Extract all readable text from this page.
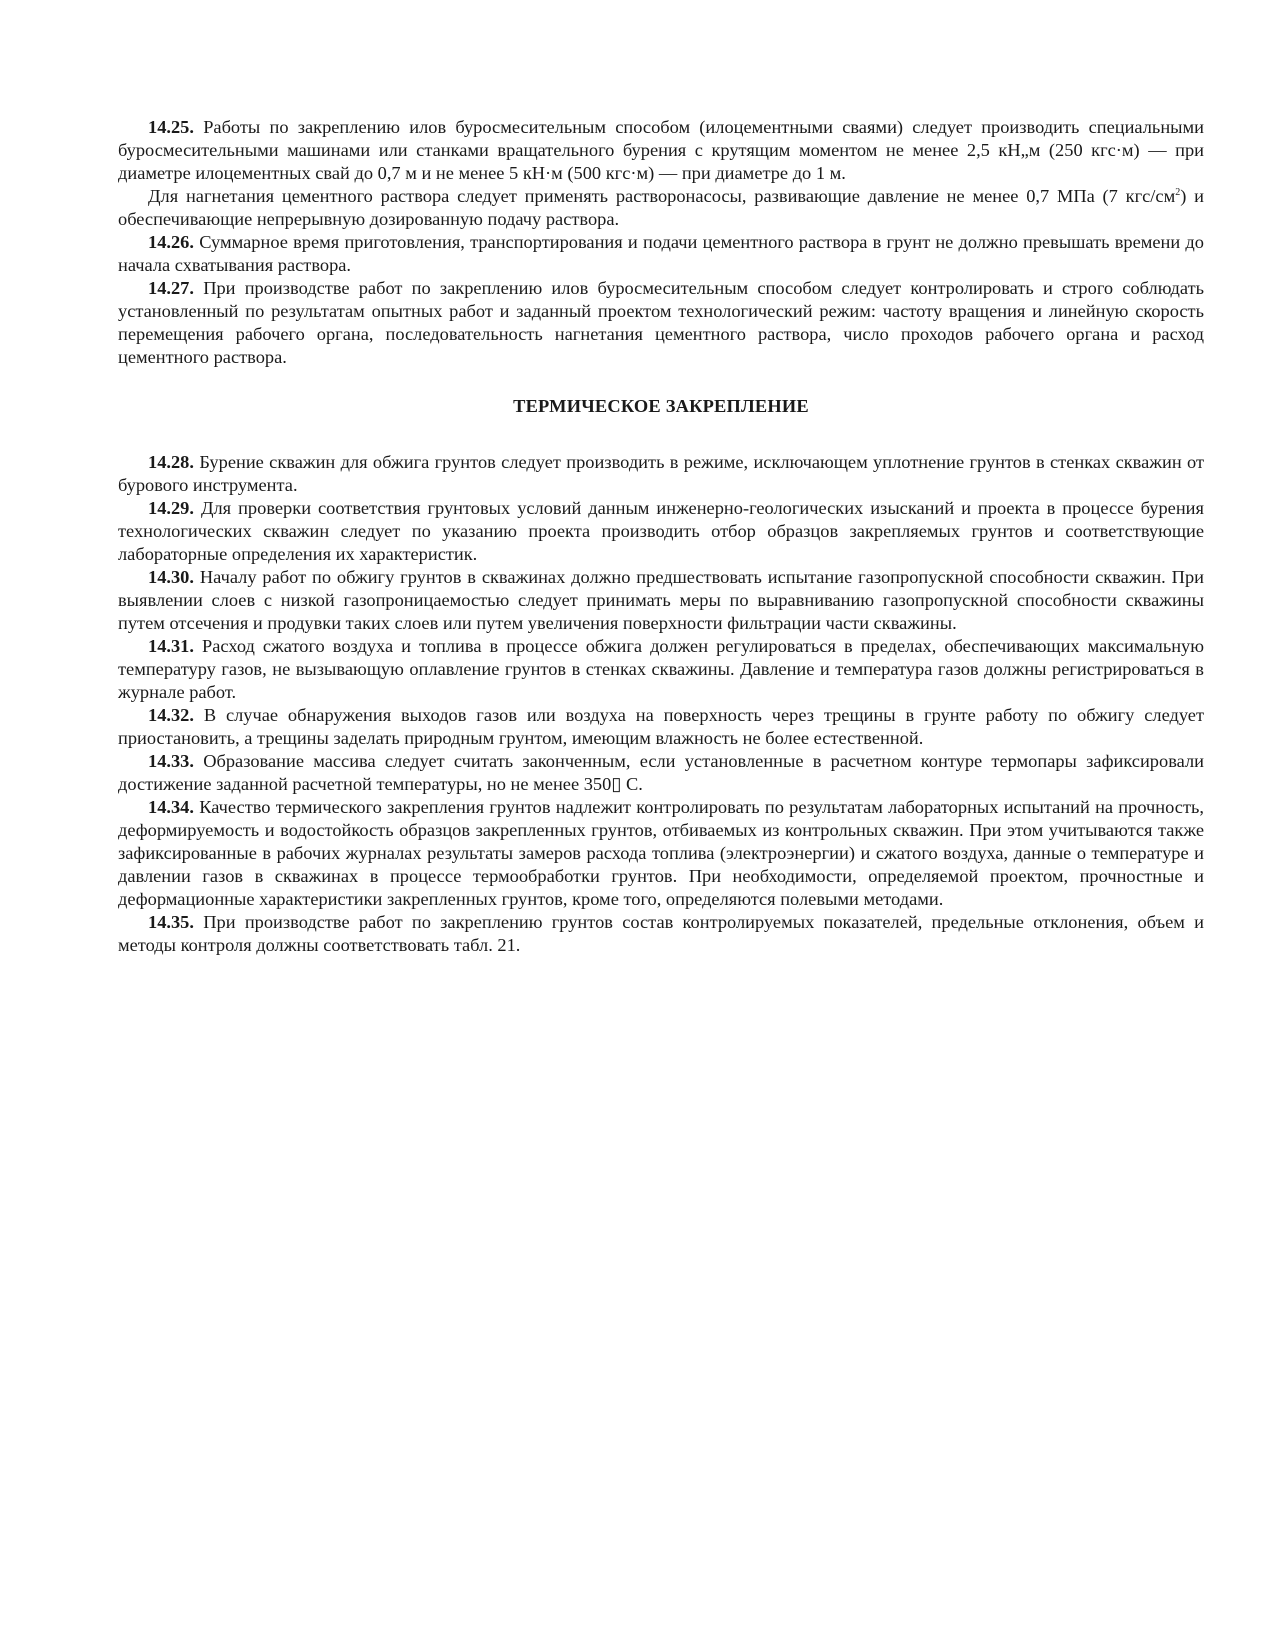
14.25. Работы по закреплению илов буросмесительным способом (илоцементными сваями) следует производить специальными буросмесительными машинами или станками вращательного бурения с крутящим моментом не менее 2,5 кН„м (250 кгс·м) — при диаметре илоцементных свай до 0,7 м и не менее 5 кН·м (500 кгс·м) — при диаметре до 1 м.

Для нагнетания цементного раствора следует применять растворонасосы, развивающие давление не менее 0,7 МПа (7 кгс/$см^2$) и обеспечивающие непрерывную дозированную подачу раствора.

14.26. Суммарное время приготовления, транспортирования и подачи цементного раствора в грунт не должно превышать времени до начала схватывания раствора.

14.27. При производстве работ по закреплению илов буросмесительным способом следует контролировать и строго соблюдать установленный по результатам опытных работ и заданный проектом технологический режим: частоту вращения и линейную скорость перемещения рабочего органа, последовательность нагнетания цементного раствора, число проходов рабочего органа и расход цементного раствора.

ТЕРМИЧЕСКОЕ ЗАКРЕПЛЕНИЕ

14.28. Бурение скважин для обжига грунтов следует производить в режиме, исключающем уплотнение грунтов в стенках скважин от бурового инструмента.

14.29. Для проверки соответствия грунтовых условий данным инженерно-геологических изысканий и проекта в процессе бурения технологических скважин следует по указанию проекта производить отбор образцов закрепляемых грунтов и соответствующие лабораторные определения их характеристик.

14.30. Началу работ по обжигу грунтов в скважинах должно предшествовать испытание газопропускной способности скважин. При выявлении слоев с низкой газопроницаемостью следует принимать меры по выравниванию газопропускной способности скважины путем отсечения и продувки таких слоев или путем увеличения поверхности фильтрации части скважины.

14.31. Расход сжатого воздуха и топлива в процессе обжига должен регулироваться в пределах, обеспечивающих максимальную температуру газов, не вызывающую оплавление грунтов в стенках скважины. Давление и температура газов должны регистрироваться в журнале работ.

14.32. В случае обнаружения выходов газов или воздуха на поверхность через трещины в грунте работу по обжигу следует приостановить, а трещины заделать природным грунтом, имеющим влажность не более естественной.

14.33. Образование массива следует считать законченным, если установленные в расчетном контуре термопары зафиксировали достижение заданной расчетной температуры, но не менее 350▯ С.

14.34. Качество термического закрепления грунтов надлежит контролировать по результатам лабораторных испытаний на прочность, деформируемость и водостойкость образцов закрепленных грунтов, отбиваемых из контрольных скважин. При этом учитываются также зафиксированные в рабочих журналах результаты замеров расхода топлива (электроэнергии) и сжатого воздуха, данные о температуре и давлении газов в скважинах в процессе термообработки грунтов. При необходимости, определяемой проектом, прочностные и деформационные характеристики закрепленных грунтов, кроме того, определяются полевыми методами.

14.35. При производстве работ по закреплению грунтов состав контролируемых показателей, предельные отклонения, объем и методы контроля должны соответствовать табл. 21.
